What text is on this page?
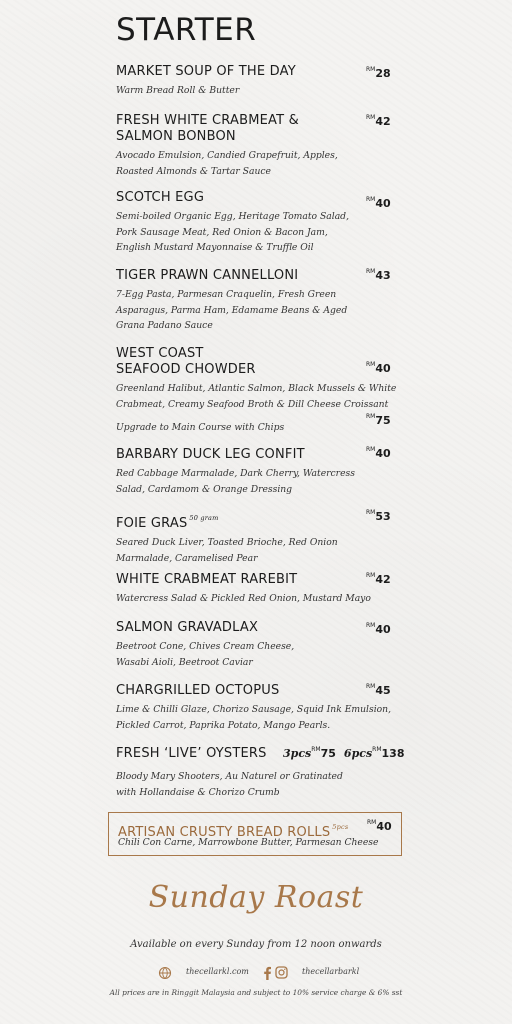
STARTER
MARKET SOUP OF THE DAY
Warm Bread Roll & Butter
$^{RM}$28
FRESH WHITE CRABMEAT &
SALMON BONBON
Avocado Emulsion, Candied Grapefruit, Apples,
Roasted Almonds & Tartar Sauce
$^{RM}$42
SCOTCH EGG
Semi-boiled Organic Egg, Heritage Tomato Salad,
Pork Sausage Meat, Red Onion & Bacon Jam,
English Mustard Mayonnaise & Truffle Oil
$^{RM}$40
TIGER PRAWN CANNELLONI
7-Egg Pasta, Parmesan Craquelin, Fresh Green
Asparagus, Parma Ham, Edamame Beans & Aged
Grana Padano Sauce
$^{RM}$43
WEST COAST
SEAFOOD CHOWDER
Greenland Halibut, Atlantic Salmon, Black Mussels & White
Crabmeat, Creamy Seafood Broth & Dill Cheese Croissant
Upgrade to Main Course with Chips
$^{RM}$40
$^{RM}$75
BARBARY DUCK LEG CONFIT
Red Cabbage Marmalade, Dark Cherry, Watercress
Salad, Cardamom & Orange Dressing
$^{RM}$40
FOIE GRAS $^{50 gram}$
Seared Duck Liver, Toasted Brioche, Red Onion
Marmalade, Caramelised Pear
$^{RM}$53
WHITE CRABMEAT RAREBIT
Watercress Salad & Pickled Red Onion, Mustard Mayo
$^{RM}$42
SALMON GRAVADLAX
Beetroot Cone, Chives Cream Cheese,
Wasabi Aioli, Beetroot Caviar
$^{RM}$40
CHARGRILLED OCTOPUS
Lime & Chilli Glaze, Chorizo Sausage, Squid Ink Emulsion,
Pickled Carrot, Paprika Potato, Mango Pearls.
$^{RM}$45
FRESH ‘LIVE’ OYSTERS
Bloody Mary Shooters, Au Naturel or Gratinated
with Hollandaise & Chorizo Crumb
3pcs$^{RM}$75 6pcs$^{RM}$138
ARTISAN CRUSTY BREAD ROLLS $^{5pcs}$
Chili Con Carne, Marrowbone Butter, Parmesan Cheese
$^{RM}$40
Sunday Roast
Available on every Sunday from 12 noon onwards
thecellarkl.com	thecellarbarkl
All prices are in Ringgit Malaysia and subject to 10% service charge & 6% sst
